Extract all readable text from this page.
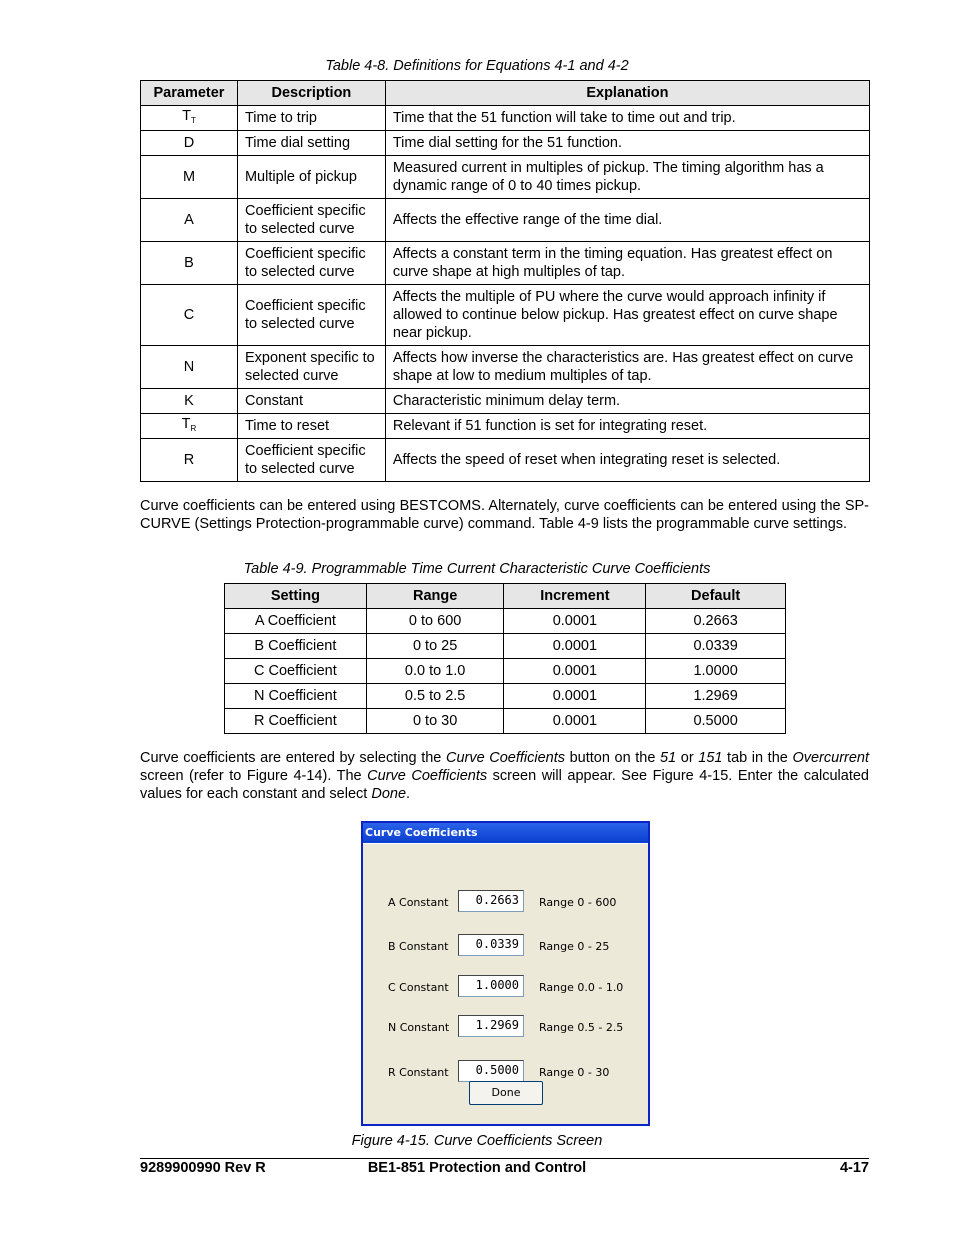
Table 4-8. Definitions for Equations 4-1 and 4-2
Parameter	Description	Explanation
$T_T$	Time to trip	Time that the 51 function will take to time out and trip.
D	Time dial setting	Time dial setting for the 51 function.
M	Multiple of pickup	Measured current in multiples of pickup. The timing algorithm has a dynamic range of 0 to 40 times pickup.
A	Coefficient specific to selected curve	Affects the effective range of the time dial.
B	Coefficient specific to selected curve	Affects a constant term in the timing equation. Has greatest effect on curve shape at high multiples of tap.
C	Coefficient specific to selected curve	Affects the multiple of PU where the curve would approach infinity if allowed to continue below pickup. Has greatest effect on curve shape near pickup.
N	Exponent specific to selected curve	Affects how inverse the characteristics are. Has greatest effect on curve shape at low to medium multiples of tap.
K	Constant	Characteristic minimum delay term.
$T_R$	Time to reset	Relevant if 51 function is set for integrating reset.
R	Coefficient specific to selected curve	Affects the speed of reset when integrating reset is selected.
Curve coefficients can be entered using BESTCOMS. Alternately, curve coefficients can be entered using the SP-CURVE (Settings Protection-programmable curve) command. Table 4-9 lists the programmable curve settings.
Table 4-9. Programmable Time Current Characteristic Curve Coefficients
Setting	Range	Increment	Default
A Coefficient	0 to 600	0.0001	0.2663
B Coefficient	0 to 25	0.0001	0.0339
C Coefficient	0.0 to 1.0	0.0001	1.0000
N Coefficient	0.5 to 2.5	0.0001	1.2969
R Coefficient	0 to 30	0.0001	0.5000
Curve coefficients are entered by selecting the Curve Coefficients button on the 51 or 151 tab in the Overcurrent screen (refer to Figure 4-14). The Curve Coefficients screen will appear. See Figure 4-15. Enter the calculated values for each constant and select Done.
Curve Coefficients
A Constant	0.2663	Range 0 - 600
B Constant	0.0339	Range 0 - 25
C Constant	1.0000	Range 0.0 - 1.0
N Constant	1.2969	Range 0.5 - 2.5
R Constant	0.5000	Range 0 - 30
Done
Figure 4-15. Curve Coefficients Screen
9289900990 Rev R	BE1-851 Protection and Control	4-17
